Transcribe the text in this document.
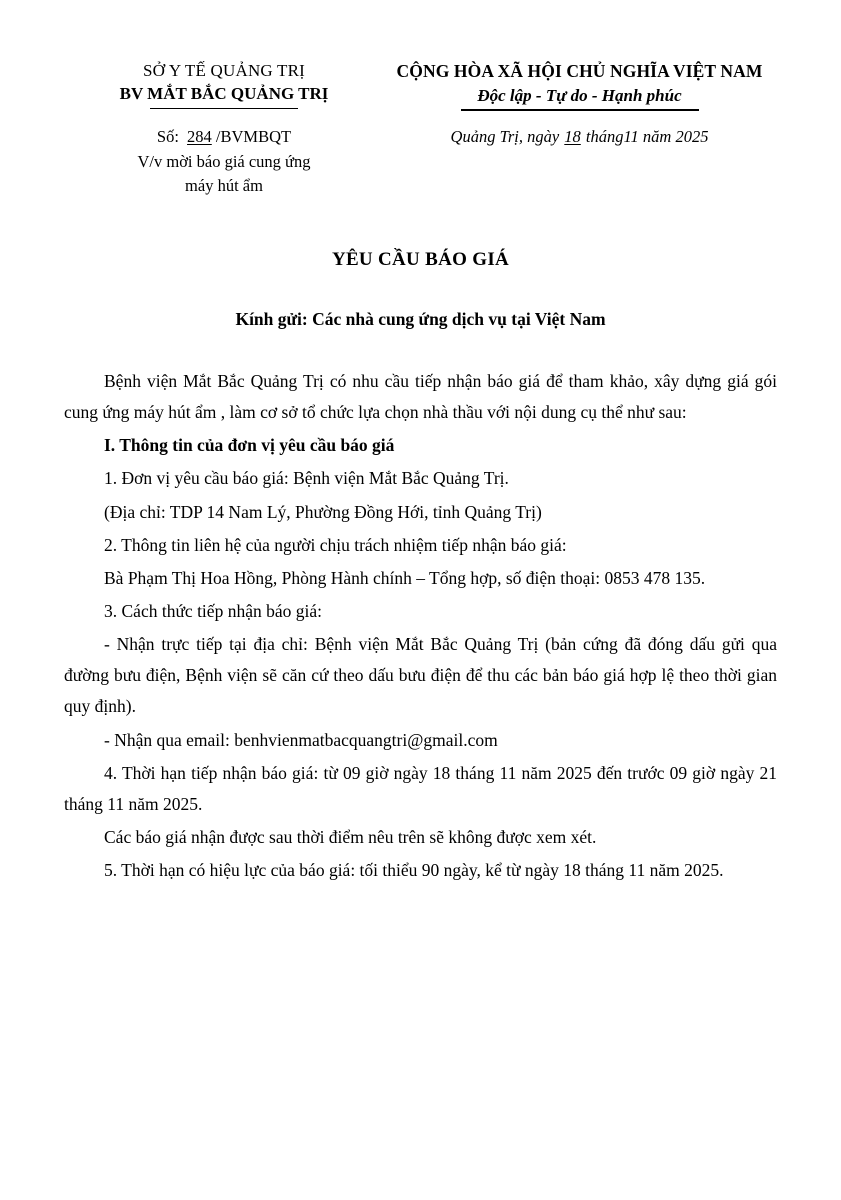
SỞ Y TẾ QUẢNG TRỊ
BV MẮT BẮC QUẢNG TRỊ
CỘNG HÒA XÃ HỘI CHỦ NGHĨA VIỆT NAM
Độc lập - Tự do - Hạnh phúc
Số: 284 /BVMBQT
V/v mời báo giá cung ứng
máy hút ẩm
Quảng Trị, ngày 18 tháng11 năm 2025
YÊU CẦU BÁO GIÁ
Kính gửi: Các nhà cung ứng dịch vụ tại Việt Nam

Bệnh viện Mắt Bắc Quảng Trị có nhu cầu tiếp nhận báo giá để tham khảo, xây dựng giá gói cung ứng máy hút ẩm , làm cơ sở tổ chức lựa chọn nhà thầu với nội dung cụ thể như sau:

I. Thông tin của đơn vị yêu cầu báo giá

1. Đơn vị yêu cầu báo giá: Bệnh viện Mắt Bắc Quảng Trị.

(Địa chỉ: TDP 14 Nam Lý, Phường Đồng Hới, tỉnh Quảng Trị)

2. Thông tin liên hệ của người chịu trách nhiệm tiếp nhận báo giá:

Bà Phạm Thị Hoa Hồng, Phòng Hành chính – Tổng hợp, số điện thoại: 0853 478 135.

3. Cách thức tiếp nhận báo giá:

- Nhận trực tiếp tại địa chỉ: Bệnh viện Mắt Bắc Quảng Trị (bản cứng đã đóng dấu gửi qua đường bưu điện, Bệnh viện sẽ căn cứ theo dấu bưu điện để thu các bản báo giá hợp lệ theo thời gian quy định).

- Nhận qua email: benhvienmatbacquangtri@gmail.com

4. Thời hạn tiếp nhận báo giá: từ 09 giờ ngày 18 tháng 11 năm 2025 đến trước 09 giờ ngày 21 tháng 11 năm 2025.

Các báo giá nhận được sau thời điểm nêu trên sẽ không được xem xét.

5. Thời hạn có hiệu lực của báo giá: tối thiểu 90 ngày, kể từ ngày 18 tháng 11 năm 2025.
